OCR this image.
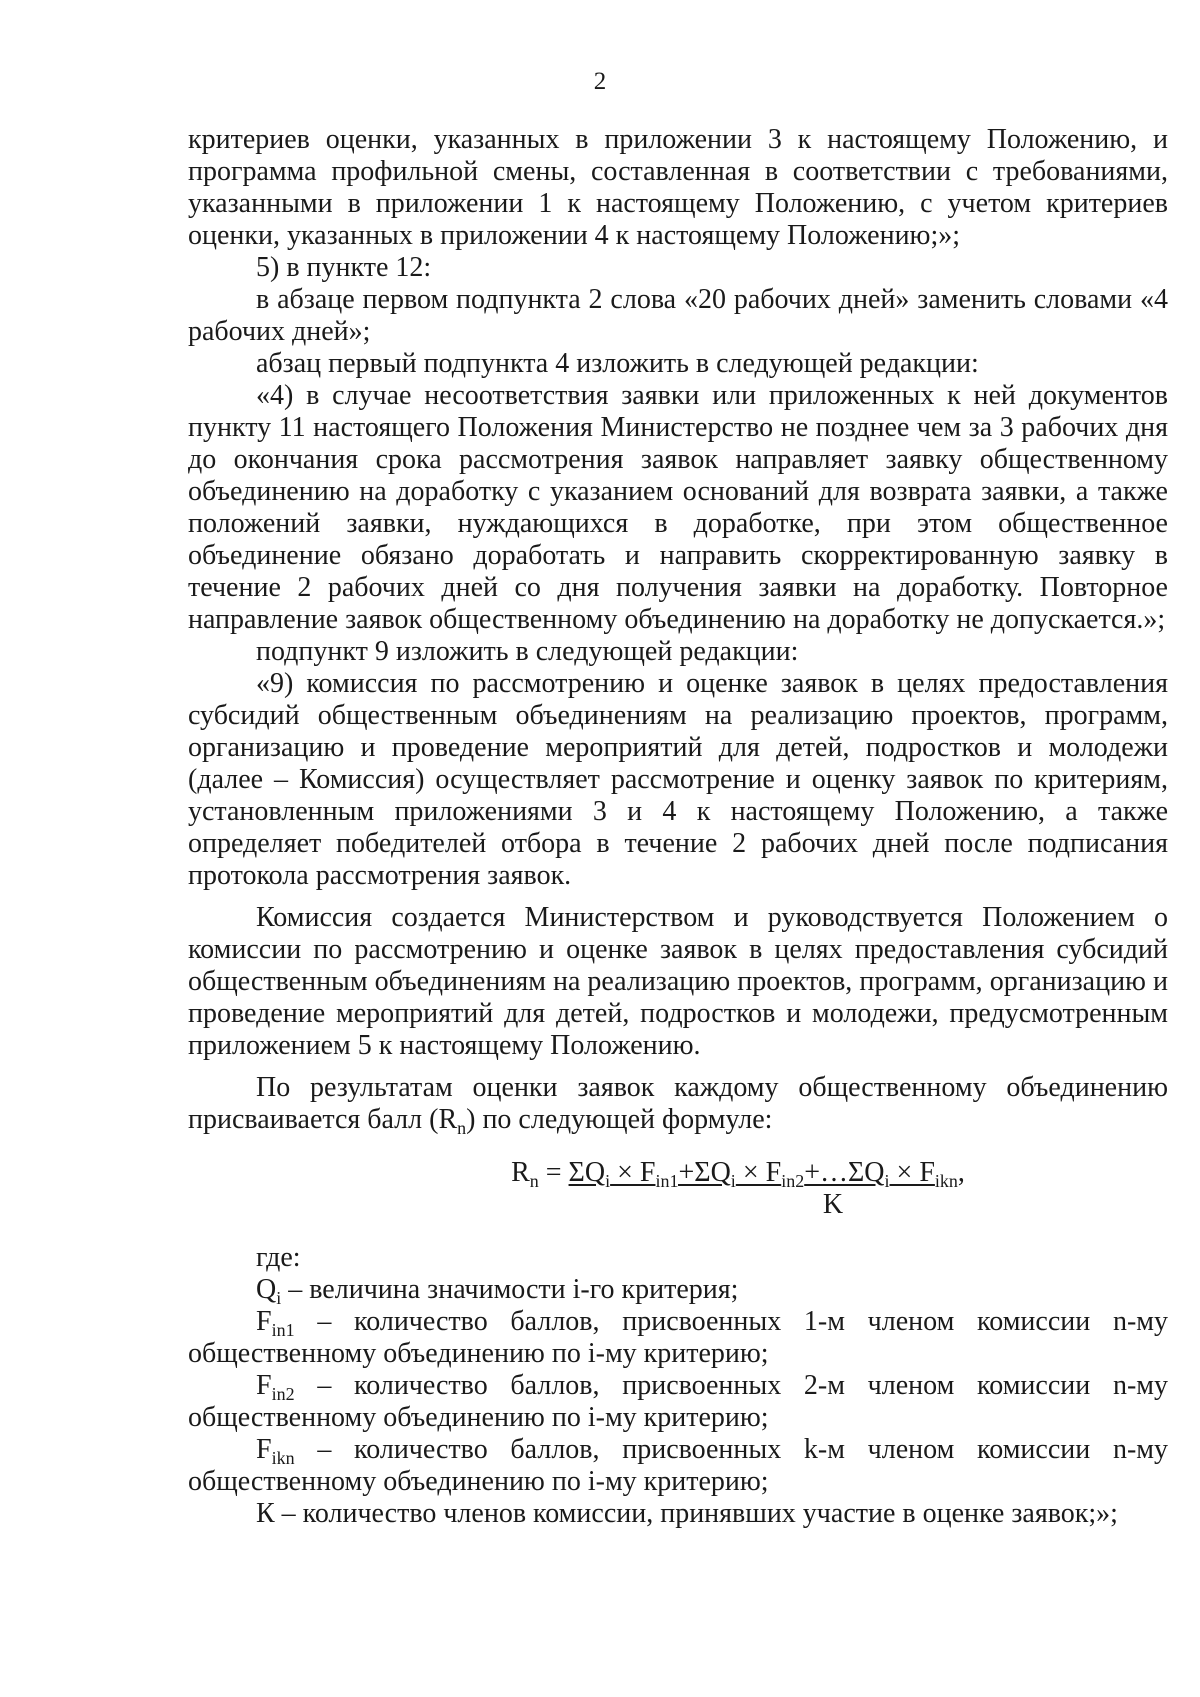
2

критериев оценки, указанных в приложении 3 к настоящему Положению, и программа профильной смены, составленная в соответствии с требованиями, указанными в приложении 1 к настоящему Положению, с учетом критериев оценки, указанных в приложении 4 к настоящему Положению;»;

5) в пункте 12:

в абзаце первом подпункта 2 слова «20 рабочих дней» заменить словами «4 рабочих дней»;

абзац первый подпункта 4 изложить в следующей редакции:

«4) в случае несоответствия заявки или приложенных к ней документов пункту 11 настоящего Положения Министерство не позднее чем за 3 рабочих дня до окончания срока рассмотрения заявок направляет заявку общественному объединению на доработку с указанием оснований для возврата заявки, а также положений заявки, нуждающихся в доработке, при этом общественное объединение обязано доработать и направить скорректированную заявку в течение 2 рабочих дней со дня получения заявки на доработку. Повторное направление заявок общественному объединению на доработку не допускается.»;

подпункт 9 изложить в следующей редакции:

«9) комиссия по рассмотрению и оценке заявок в целях предоставления субсидий общественным объединениям на реализацию проектов, программ, организацию и проведение мероприятий для детей, подростков и молодежи (далее – Комиссия) осуществляет рассмотрение и оценку заявок по критериям, установленным приложениями 3 и 4 к настоящему Положению, а также определяет победителей отбора в течение 2 рабочих дней после подписания протокола рассмотрения заявок.

Комиссия создается Министерством и руководствуется Положением о комиссии по рассмотрению и оценке заявок в целях предоставления субсидий общественным объединениям на реализацию проектов, программ, организацию и проведение мероприятий для детей, подростков и молодежи, предусмотренным приложением 5 к настоящему Положению.

По результатам оценки заявок каждому общественному объединению присваивается балл $(R_n)$ по следующей формуле:

$R_n = \Sigma Q_i \times F_{in1}+\Sigma Q_i$ × $F_{in2}+\dots\Sigma Q_i \times F_{ikn}$,
K

где:

$Q_i$ – величина значимости i-го критерия;

$F_{in1}$ – количество баллов, присвоенных 1-м членом комиссии n-му общественному объединению по i-му критерию;

$F_{in2}$ – количество баллов, присвоенных 2-м членом комиссии n-му общественному объединению по i-му критерию;

$F_{ikn}$ – количество баллов, присвоенных k-м членом комиссии n-му общественному объединению по i-му критерию;

К – количество членов комиссии, принявших участие в оценке заявок;»;
